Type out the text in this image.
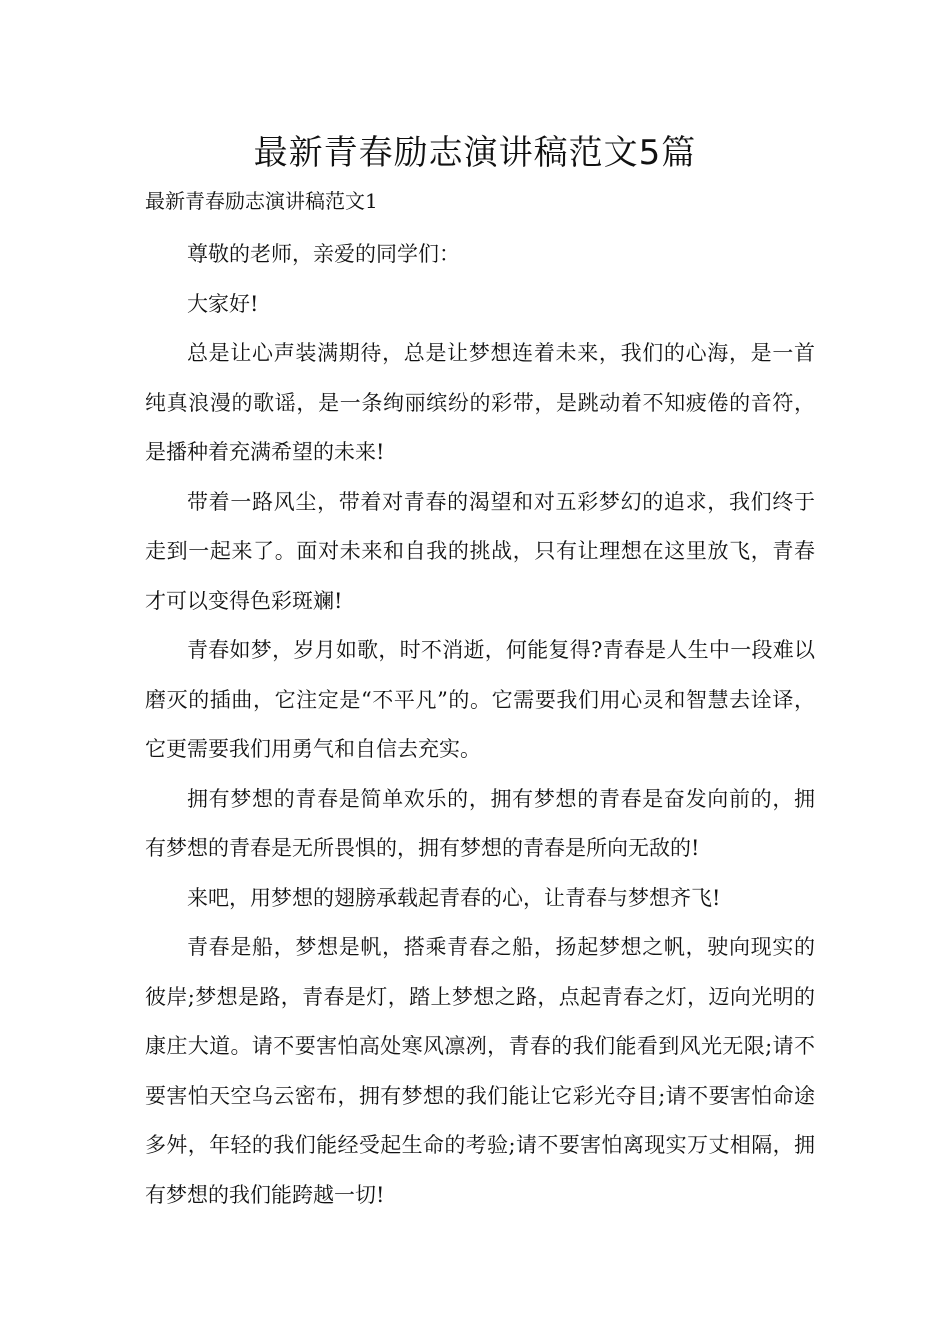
最新青春励志演讲稿范文5篇

最新青春励志演讲稿范文1

尊敬的老师，亲爱的同学们：

大家好!

总是让心声装满期待，总是让梦想连着未来，我们的心海，是一首纯真浪漫的歌谣，是一条绚丽缤纷的彩带，是跳动着不知疲倦的音符，是播种着充满希望的未来!

带着一路风尘，带着对青春的渴望和对五彩梦幻的追求，我们终于走到一起来了。面对未来和自我的挑战，只有让理想在这里放飞，青春才可以变得色彩斑斓!

青春如梦，岁月如歌，时不消逝，何能复得?青春是人生中一段难以磨灭的插曲，它注定是“不平凡”的。它需要我们用心灵和智慧去诠译，它更需要我们用勇气和自信去充实。

拥有梦想的青春是简单欢乐的，拥有梦想的青春是奋发向前的，拥有梦想的青春是无所畏惧的，拥有梦想的青春是所向无敌的!

来吧，用梦想的翅膀承载起青春的心，让青春与梦想齐飞!

青春是船，梦想是帆，搭乘青春之船，扬起梦想之帆，驶向现实的彼岸;梦想是路，青春是灯，踏上梦想之路，点起青春之灯，迈向光明的康庄大道。请不要害怕高处寒风凛冽，青春的我们能看到风光无限;请不要害怕天空乌云密布，拥有梦想的我们能让它彩光夺目;请不要害怕命途多舛，年轻的我们能经受起生命的考验;请不要害怕离现实万丈相隔，拥有梦想的我们能跨越一切!
